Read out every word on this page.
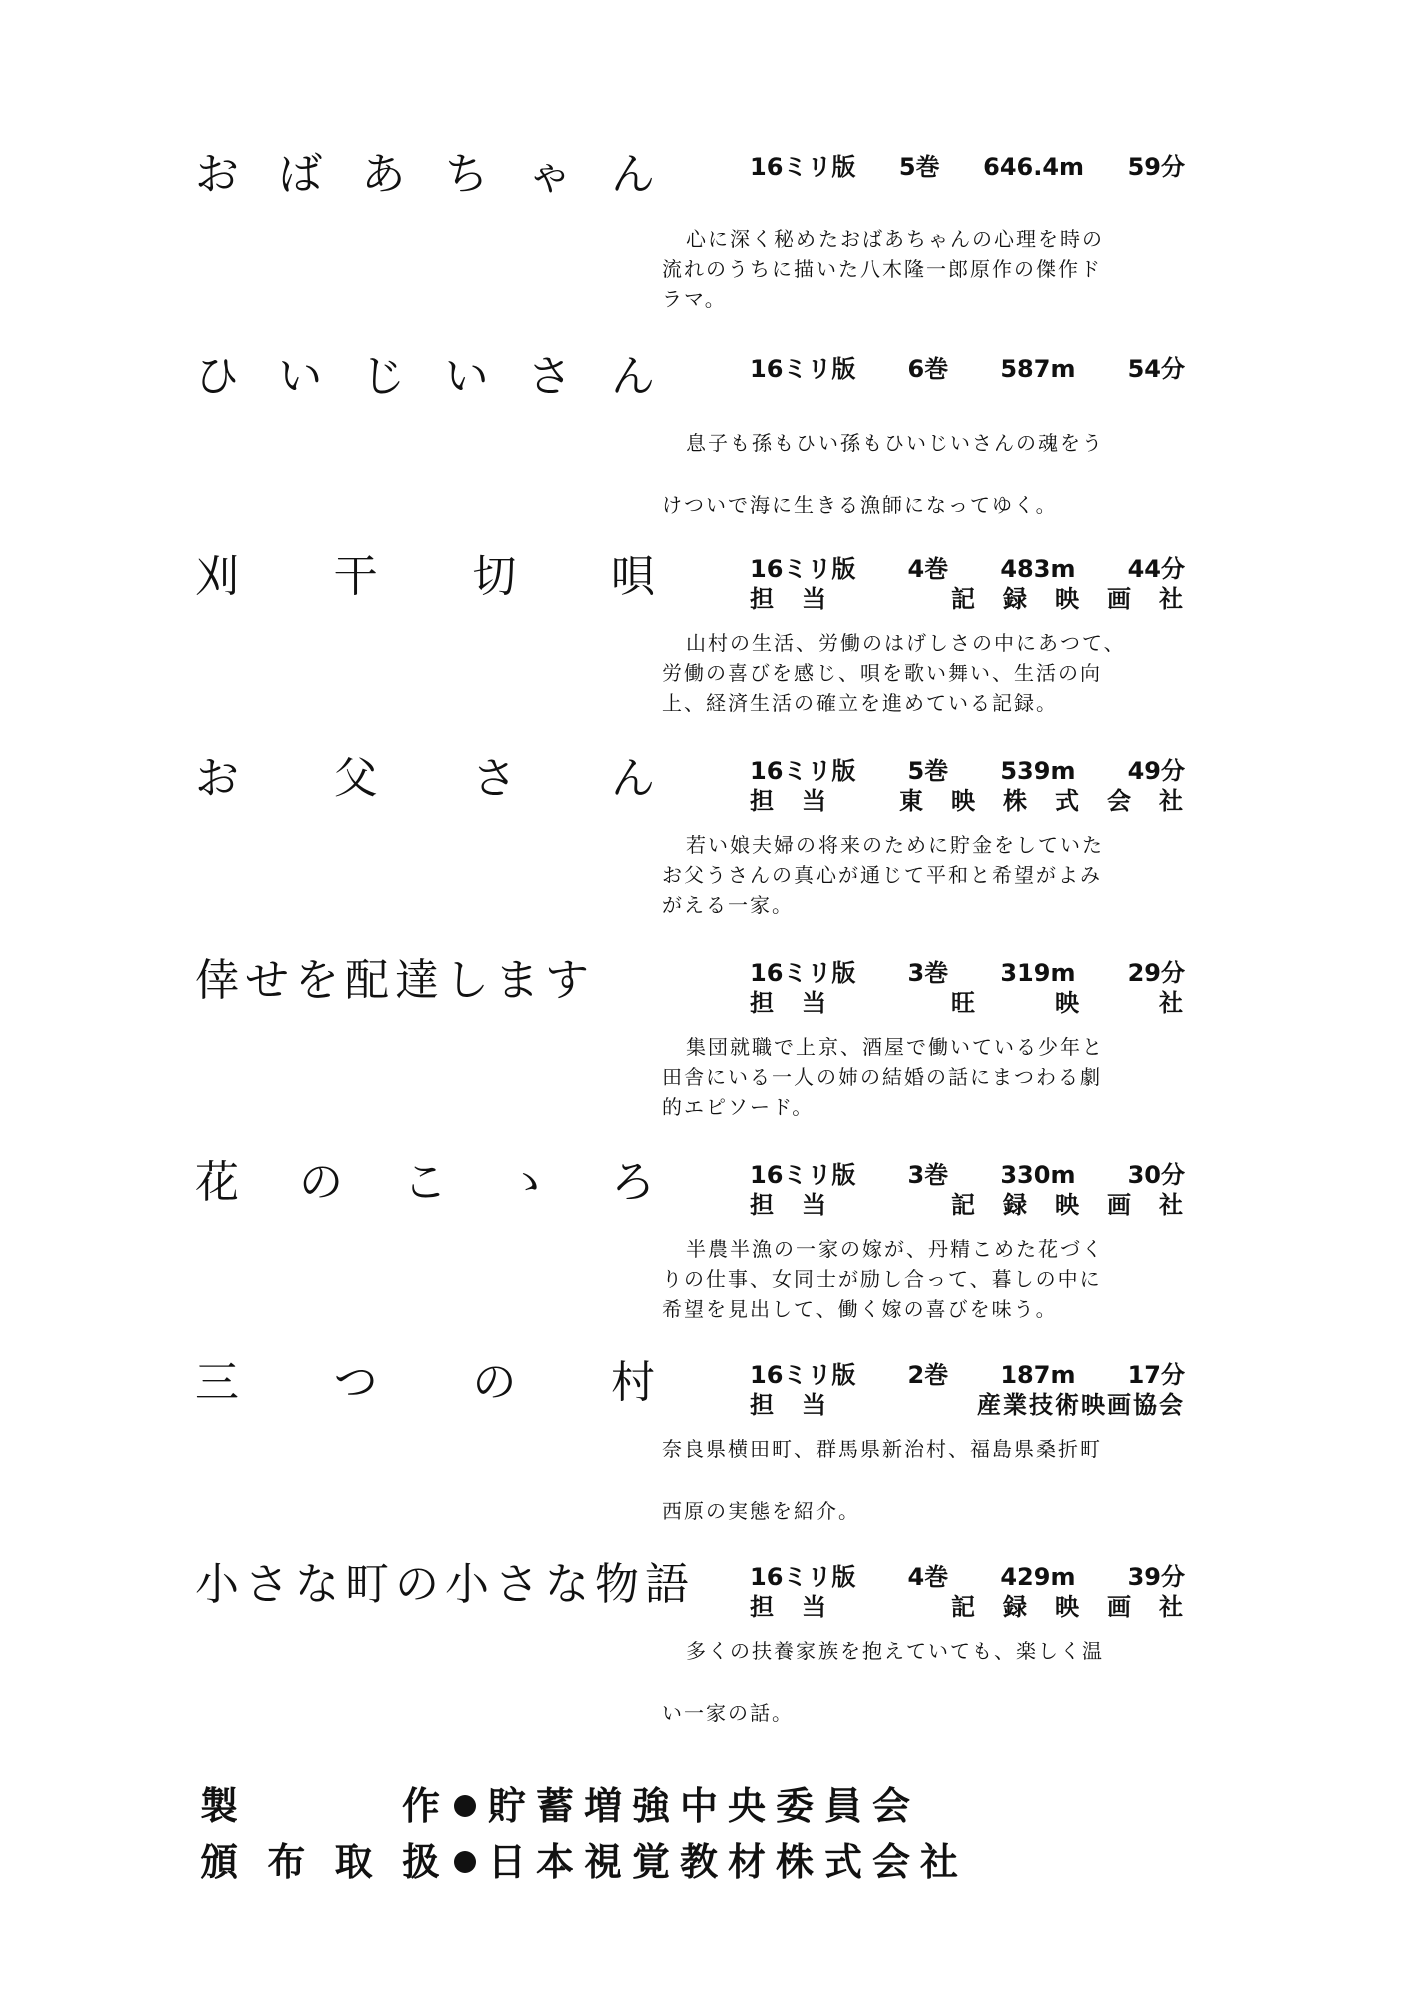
お ば あ ち ゃ ん	16ミリ版 5巻 646.4m 59分

心に深く秘めたおばあちゃんの心理を時の

流れのうちに描いた八木隆一郎原作の傑作ド

ラマ。

ひ い じ い さ ん	16ミリ版 6巻 587m 54分

息子も孫もひい孫もひいじいさんの魂をう

けついで海に生きる漁師になってゆく。

刈 干 切 唄	16ミリ版 4巻 483m 44分
担　当	記　録　映　画　社

山村の生活、労働のはげしさの中にあつて、

労働の喜びを感じ、唄を歌い舞い、生活の向

上、経済生活の確立を進めている記録。

お 父 さ ん	16ミリ版 5巻 539m 49分
担　当	東　映　株　式　会　社

若い娘夫婦の将来のために貯金をしていた

お父うさんの真心が通じて平和と希望がよみ

がえる一家。

倖せを配達します	16ミリ版 3巻 319m 29分
担　当	旺　　　映　　　社

集団就職で上京、酒屋で働いている少年と

田舎にいる一人の姉の結婚の話にまつわる劇

的エピソード。

花 の こ ゝ ろ	16ミリ版 3巻 330m 30分
担　当	記　録　映　画　社

半農半漁の一家の嫁が、丹精こめた花づく

りの仕事、女同士が励し合って、暮しの中に

希望を見出して、働く嫁の喜びを味う。

三 つ の 村	16ミリ版 2巻 187m 17分
担　当	産業技術映画協会

奈良県横田町、群馬県新治村、福島県桑折町

西原の実態を紹介。

小さな町の小さな物語 16ミリ版 4巻 429m 39分
担　当	記　録　映　画　社

多くの扶養家族を抱えていても、楽しく温

い一家の話。

製	作 貯蓄増強中央委員会
頒 布 取 扱 日本視覚教材株式会社
